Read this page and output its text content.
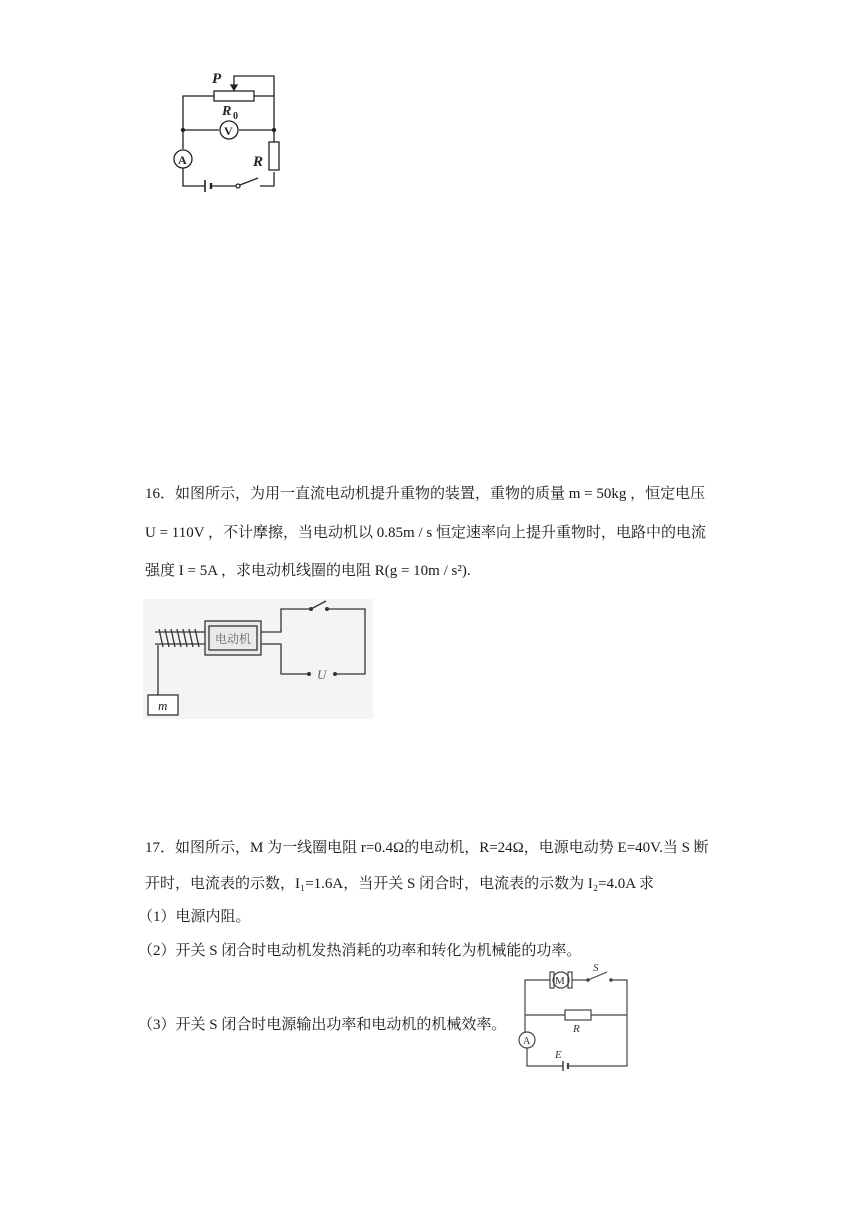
P
R 0
V
A	R
16．如图所示，为用一直流电动机提升重物的装置，重物的质量 m = 50kg ，恒定电压
U = 110V ，不计摩擦，当电动机以 0.85m / s 恒定速率向上提升重物时，电路中的电流
强度 I = 5A ，求电动机线圈的电阻 R(g = 10m / s²).
电动机
U
m
17．如图所示，M 为一线圈电阻 r=0.4Ω的电动机，R=24Ω，电源电动势 E=40V.当 S 断
开时，电流表的示数，I₁=1.6A，当开关 S 闭合时，电流表的示数为 I₂=4.0A 求
（1）电源内阻。
（2）开关 S 闭合时电动机发热消耗的功率和转化为机械能的功率。
（3）开关 S 闭合时电源输出功率和电动机的机械效率。
M
S
R
A
E
